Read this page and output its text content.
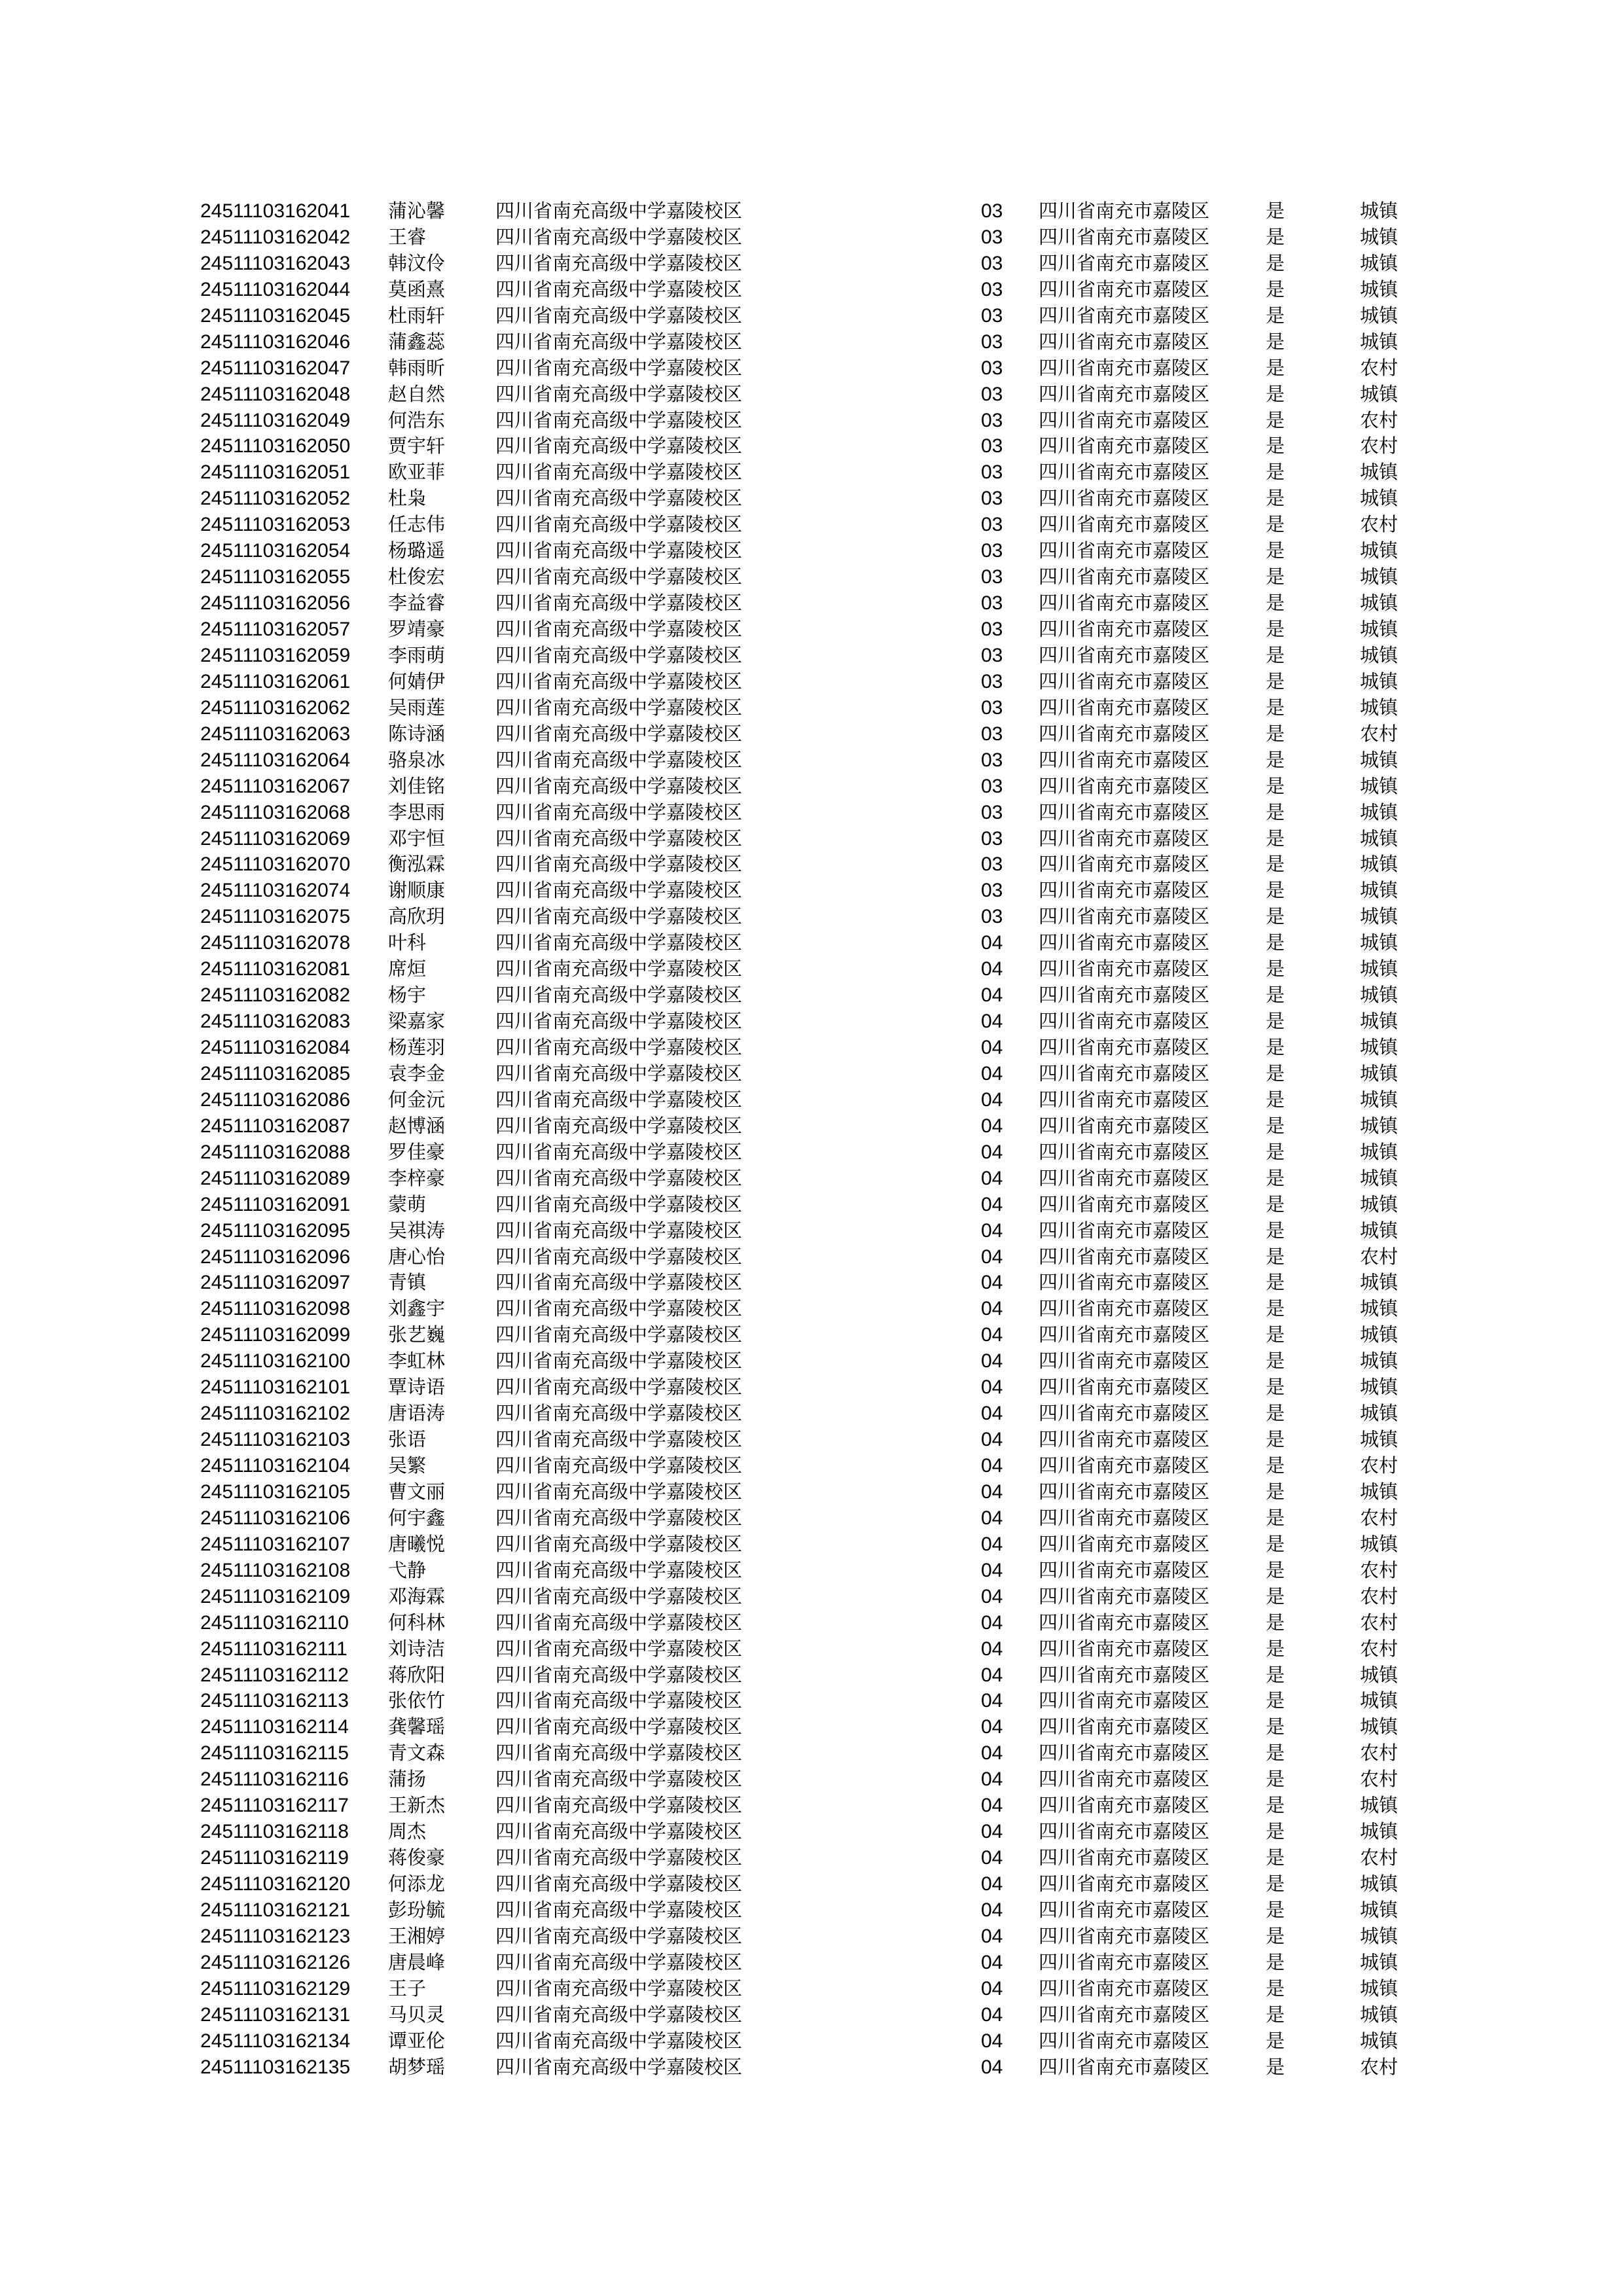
24511103162041 蒲沁馨	四川省南充高级中学嘉陵校区	03 四川省南充市嘉陵区	是	城镇
24511103162042 王睿	四川省南充高级中学嘉陵校区	03 四川省南充市嘉陵区	是	城镇
24511103162043 韩汶伶	四川省南充高级中学嘉陵校区	03 四川省南充市嘉陵区	是	城镇
24511103162044 莫函熹	四川省南充高级中学嘉陵校区	03 四川省南充市嘉陵区	是	城镇
24511103162045 杜雨轩	四川省南充高级中学嘉陵校区	03 四川省南充市嘉陵区	是	城镇
24511103162046 蒲鑫蕊	四川省南充高级中学嘉陵校区	03 四川省南充市嘉陵区	是	城镇
24511103162047 韩雨昕	四川省南充高级中学嘉陵校区	03 四川省南充市嘉陵区	是	农村
24511103162048 赵自然	四川省南充高级中学嘉陵校区	03 四川省南充市嘉陵区	是	城镇
24511103162049 何浩东	四川省南充高级中学嘉陵校区	03 四川省南充市嘉陵区	是	农村
24511103162050 贾宇轩	四川省南充高级中学嘉陵校区	03 四川省南充市嘉陵区	是	农村
24511103162051 欧亚菲	四川省南充高级中学嘉陵校区	03 四川省南充市嘉陵区	是	城镇
24511103162052 杜枭	四川省南充高级中学嘉陵校区	03 四川省南充市嘉陵区	是	城镇
24511103162053 任志伟	四川省南充高级中学嘉陵校区	03 四川省南充市嘉陵区	是	农村
24511103162054 杨璐遥	四川省南充高级中学嘉陵校区	03 四川省南充市嘉陵区	是	城镇
24511103162055 杜俊宏	四川省南充高级中学嘉陵校区	03 四川省南充市嘉陵区	是	城镇
24511103162056 李益睿	四川省南充高级中学嘉陵校区	03 四川省南充市嘉陵区	是	城镇
24511103162057 罗靖豪	四川省南充高级中学嘉陵校区	03 四川省南充市嘉陵区	是	城镇
24511103162059 李雨萌	四川省南充高级中学嘉陵校区	03 四川省南充市嘉陵区	是	城镇
24511103162061 何婧伊	四川省南充高级中学嘉陵校区	03 四川省南充市嘉陵区	是	城镇
24511103162062 吴雨莲	四川省南充高级中学嘉陵校区	03 四川省南充市嘉陵区	是	城镇
24511103162063 陈诗涵	四川省南充高级中学嘉陵校区	03 四川省南充市嘉陵区	是	农村
24511103162064 骆泉冰	四川省南充高级中学嘉陵校区	03 四川省南充市嘉陵区	是	城镇
24511103162067 刘佳铭	四川省南充高级中学嘉陵校区	03 四川省南充市嘉陵区	是	城镇
24511103162068 李思雨	四川省南充高级中学嘉陵校区	03 四川省南充市嘉陵区	是	城镇
24511103162069 邓宇恒	四川省南充高级中学嘉陵校区	03 四川省南充市嘉陵区	是	城镇
24511103162070 衡泓霖	四川省南充高级中学嘉陵校区	03 四川省南充市嘉陵区	是	城镇
24511103162074 谢顺康	四川省南充高级中学嘉陵校区	03 四川省南充市嘉陵区	是	城镇
24511103162075 高欣玥	四川省南充高级中学嘉陵校区	03 四川省南充市嘉陵区	是	城镇
24511103162078 叶科	四川省南充高级中学嘉陵校区	04 四川省南充市嘉陵区	是	城镇
24511103162081 席烜	四川省南充高级中学嘉陵校区	04 四川省南充市嘉陵区	是	城镇
24511103162082 杨宇	四川省南充高级中学嘉陵校区	04 四川省南充市嘉陵区	是	城镇
24511103162083 梁嘉家	四川省南充高级中学嘉陵校区	04 四川省南充市嘉陵区	是	城镇
24511103162084 杨莲羽	四川省南充高级中学嘉陵校区	04 四川省南充市嘉陵区	是	城镇
24511103162085 袁李金	四川省南充高级中学嘉陵校区	04 四川省南充市嘉陵区	是	城镇
24511103162086 何金沅	四川省南充高级中学嘉陵校区	04 四川省南充市嘉陵区	是	城镇
24511103162087 赵博涵	四川省南充高级中学嘉陵校区	04 四川省南充市嘉陵区	是	城镇
24511103162088 罗佳豪	四川省南充高级中学嘉陵校区	04 四川省南充市嘉陵区	是	城镇
24511103162089 李梓豪	四川省南充高级中学嘉陵校区	04 四川省南充市嘉陵区	是	城镇
24511103162091 蒙萌	四川省南充高级中学嘉陵校区	04 四川省南充市嘉陵区	是	城镇
24511103162095 吴祺涛	四川省南充高级中学嘉陵校区	04 四川省南充市嘉陵区	是	城镇
24511103162096 唐心怡	四川省南充高级中学嘉陵校区	04 四川省南充市嘉陵区	是	农村
24511103162097 青镇	四川省南充高级中学嘉陵校区	04 四川省南充市嘉陵区	是	城镇
24511103162098 刘鑫宇	四川省南充高级中学嘉陵校区	04 四川省南充市嘉陵区	是	城镇
24511103162099 张艺巍	四川省南充高级中学嘉陵校区	04 四川省南充市嘉陵区	是	城镇
24511103162100 李虹林	四川省南充高级中学嘉陵校区	04 四川省南充市嘉陵区	是	城镇
24511103162101 覃诗语	四川省南充高级中学嘉陵校区	04 四川省南充市嘉陵区	是	城镇
24511103162102 唐语涛	四川省南充高级中学嘉陵校区	04 四川省南充市嘉陵区	是	城镇
24511103162103 张语	四川省南充高级中学嘉陵校区	04 四川省南充市嘉陵区	是	城镇
24511103162104 吴繁	四川省南充高级中学嘉陵校区	04 四川省南充市嘉陵区	是	农村
24511103162105 曹文丽	四川省南充高级中学嘉陵校区	04 四川省南充市嘉陵区	是	城镇
24511103162106 何宇鑫	四川省南充高级中学嘉陵校区	04 四川省南充市嘉陵区	是	农村
24511103162107 唐曦悦	四川省南充高级中学嘉陵校区	04 四川省南充市嘉陵区	是	城镇
24511103162108 弋静	四川省南充高级中学嘉陵校区	04 四川省南充市嘉陵区	是	农村
24511103162109 邓海霖	四川省南充高级中学嘉陵校区	04 四川省南充市嘉陵区	是	农村
24511103162110 何科林	四川省南充高级中学嘉陵校区	04 四川省南充市嘉陵区	是	农村
24511103162111 刘诗洁	四川省南充高级中学嘉陵校区	04 四川省南充市嘉陵区	是	农村
24511103162112 蒋欣阳	四川省南充高级中学嘉陵校区	04 四川省南充市嘉陵区	是	城镇
24511103162113 张依竹	四川省南充高级中学嘉陵校区	04 四川省南充市嘉陵区	是	城镇
24511103162114 龚馨瑶	四川省南充高级中学嘉陵校区	04 四川省南充市嘉陵区	是	城镇
24511103162115 青文森	四川省南充高级中学嘉陵校区	04 四川省南充市嘉陵区	是	农村
24511103162116 蒲扬	四川省南充高级中学嘉陵校区	04 四川省南充市嘉陵区	是	农村
24511103162117 王新杰	四川省南充高级中学嘉陵校区	04 四川省南充市嘉陵区	是	城镇
24511103162118 周杰	四川省南充高级中学嘉陵校区	04 四川省南充市嘉陵区	是	城镇
24511103162119 蒋俊豪	四川省南充高级中学嘉陵校区	04 四川省南充市嘉陵区	是	农村
24511103162120 何添龙	四川省南充高级中学嘉陵校区	04 四川省南充市嘉陵区	是	城镇
24511103162121 彭玢毓	四川省南充高级中学嘉陵校区	04 四川省南充市嘉陵区	是	城镇
24511103162123 王湘婷	四川省南充高级中学嘉陵校区	04 四川省南充市嘉陵区	是	城镇
24511103162126 唐晨峰	四川省南充高级中学嘉陵校区	04 四川省南充市嘉陵区	是	城镇
24511103162129 王子	四川省南充高级中学嘉陵校区	04 四川省南充市嘉陵区	是	城镇
24511103162131 马贝灵	四川省南充高级中学嘉陵校区	04 四川省南充市嘉陵区	是	城镇
24511103162134 谭亚伦	四川省南充高级中学嘉陵校区	04 四川省南充市嘉陵区	是	城镇
24511103162135 胡梦瑶	四川省南充高级中学嘉陵校区	04 四川省南充市嘉陵区	是	农村
